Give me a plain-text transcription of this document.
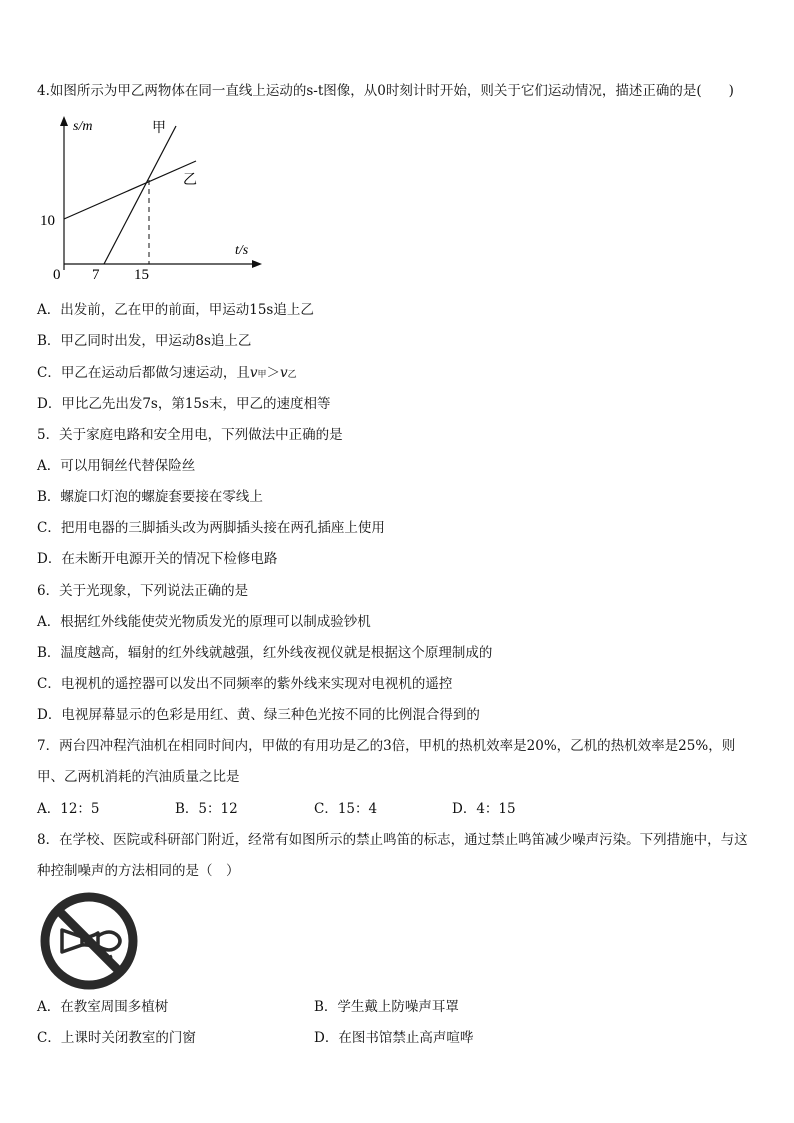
4.如图所示为甲乙两物体在同一直线上运动的s-t图像，从0时刻计时开始，则关于它们运动情况，描述正确的是(　　)
s/m
t/s
0
10
7 15
甲
乙
A．出发前，乙在甲的前面，甲运动15s追上乙
B．甲乙同时出发，甲运动8s追上乙
C．甲乙在运动后都做匀速运动，且v甲＞v乙
D．甲比乙先出发7s，第15s末，甲乙的速度相等
5．关于家庭电路和安全用电，下列做法中正确的是
A．可以用铜丝代替保险丝
B．螺旋口灯泡的螺旋套要接在零线上
C．把用电器的三脚插头改为两脚插头接在两孔插座上使用
D．在未断开电源开关的情况下检修电路
6．关于光现象，下列说法正确的是
A．根据红外线能使荧光物质发光的原理可以制成验钞机
B．温度越高，辐射的红外线就越强，红外线夜视仪就是根据这个原理制成的
C．电视机的遥控器可以发出不同频率的紫外线来实现对电视机的遥控
D．电视屏幕显示的色彩是用红、黄、绿三种色光按不同的比例混合得到的
7．两台四冲程汽油机在相同时间内，甲做的有用功是乙的3倍，甲机的热机效率是20%，乙机的热机效率是25%，则甲、乙两机消耗的汽油质量之比是
A．12：5	B．5：12	C．15：4	D．4：15
8．在学校、医院或科研部门附近，经常有如图所示的禁止鸣笛的标志，通过禁止鸣笛减少噪声污染。下列措施中，与这种控制噪声的方法相同的是（　）
A．在教室周围多植树	B．学生戴上防噪声耳罩
C．上课时关闭教室的门窗	D．在图书馆禁止高声喧哗
